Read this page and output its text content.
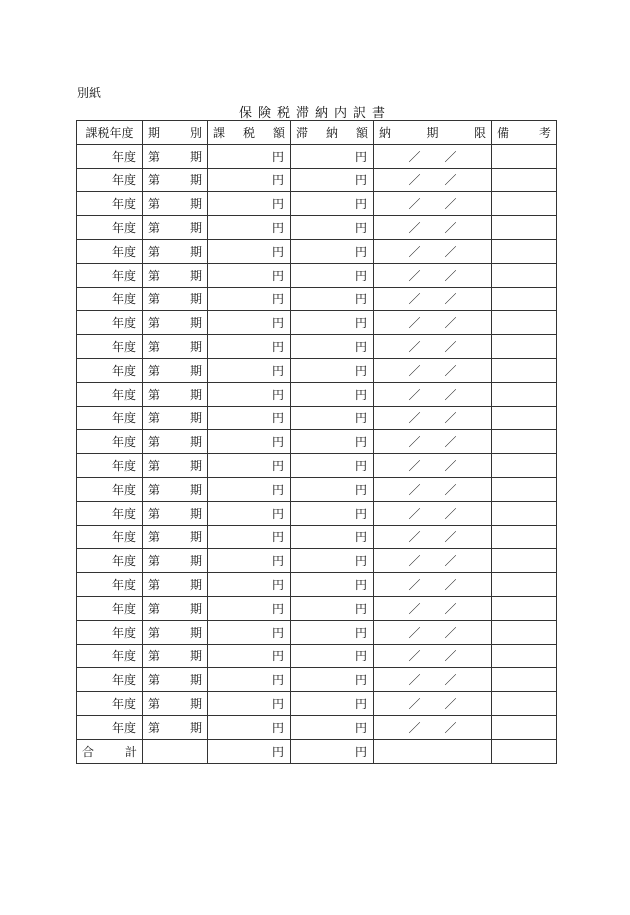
別紙
保険税滞納内訳書
課税年度	期 別	課 税 額	滞 納 額	納 期 限	備 考

年度	第 期	円	円	／ ／	

年度	第 期	円	円	／ ／	

年度	第 期	円	円	／ ／	

年度	第 期	円	円	／ ／	

年度	第 期	円	円	／ ／	

年度	第 期	円	円	／ ／	

年度	第 期	円	円	／ ／	

年度	第 期	円	円	／ ／	

年度	第 期	円	円	／ ／	

年度	第 期	円	円	／ ／	

年度	第 期	円	円	／ ／	

年度	第 期	円	円	／ ／	

年度	第 期	円	円	／ ／	

年度	第 期	円	円	／ ／	

年度	第 期	円	円	／ ／	

年度	第 期	円	円	／ ／	

年度	第 期	円	円	／ ／	

年度	第 期	円	円	／ ／	

年度	第 期	円	円	／ ／	

年度	第 期	円	円	／ ／	

年度	第 期	円	円	／ ／	

年度	第 期	円	円	／ ／	

年度	第 期	円	円	／ ／	

年度	第 期	円	円	／ ／	

年度	第 期	円	円	／ ／	

合 計		円	円		
